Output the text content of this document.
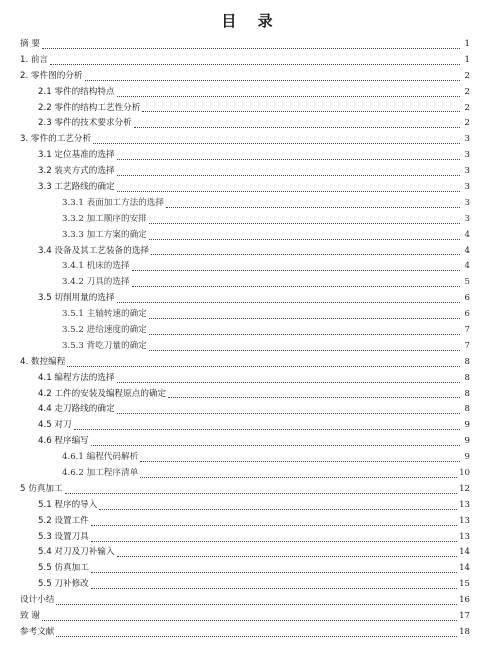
目 录
摘 要	1
1. 前言	1
2. 零件图的分析	2
2.1 零件的结构特点	2
2.2 零件的结构工艺性分析	2
2.3 零件的技术要求分析	2
3. 零件的工艺分析	3
3.1 定位基准的选择	3
3.2 装夹方式的选择	3
3.3 工艺路线的确定	3
3.3.1 表面加工方法的选择	3
3.3.2 加工顺序的安排	3
3.3.3 加工方案的确定	4
3.4 设备及其工艺装备的选择	4
3.4.1 机床的选择	4
3.4.2 刀具的选择	5
3.5 切削用量的选择	6
3.5.1 主轴转速的确定	6
3.5.2 进给速度的确定	7
3.5.3 背吃刀量的确定	7
4. 数控编程	8
4.1 编程方法的选择	8
4.2 工件的安装及编程原点的确定	8
4.4 走刀路线的确定	8
4.5 对刀	9
4.6 程序编写	9
4.6.1 编程代码解析	9
4.6.2 加工程序清单	10
5 仿真加工	12
5.1 程序的导入	13
5.2 设置工件	13
5.3 设置刀具	13
5.4 对刀及刀补输入	14
5.5 仿真加工	14
5.5 刀补修改	15
设计小结	16
致 谢	17
参考文献	18
